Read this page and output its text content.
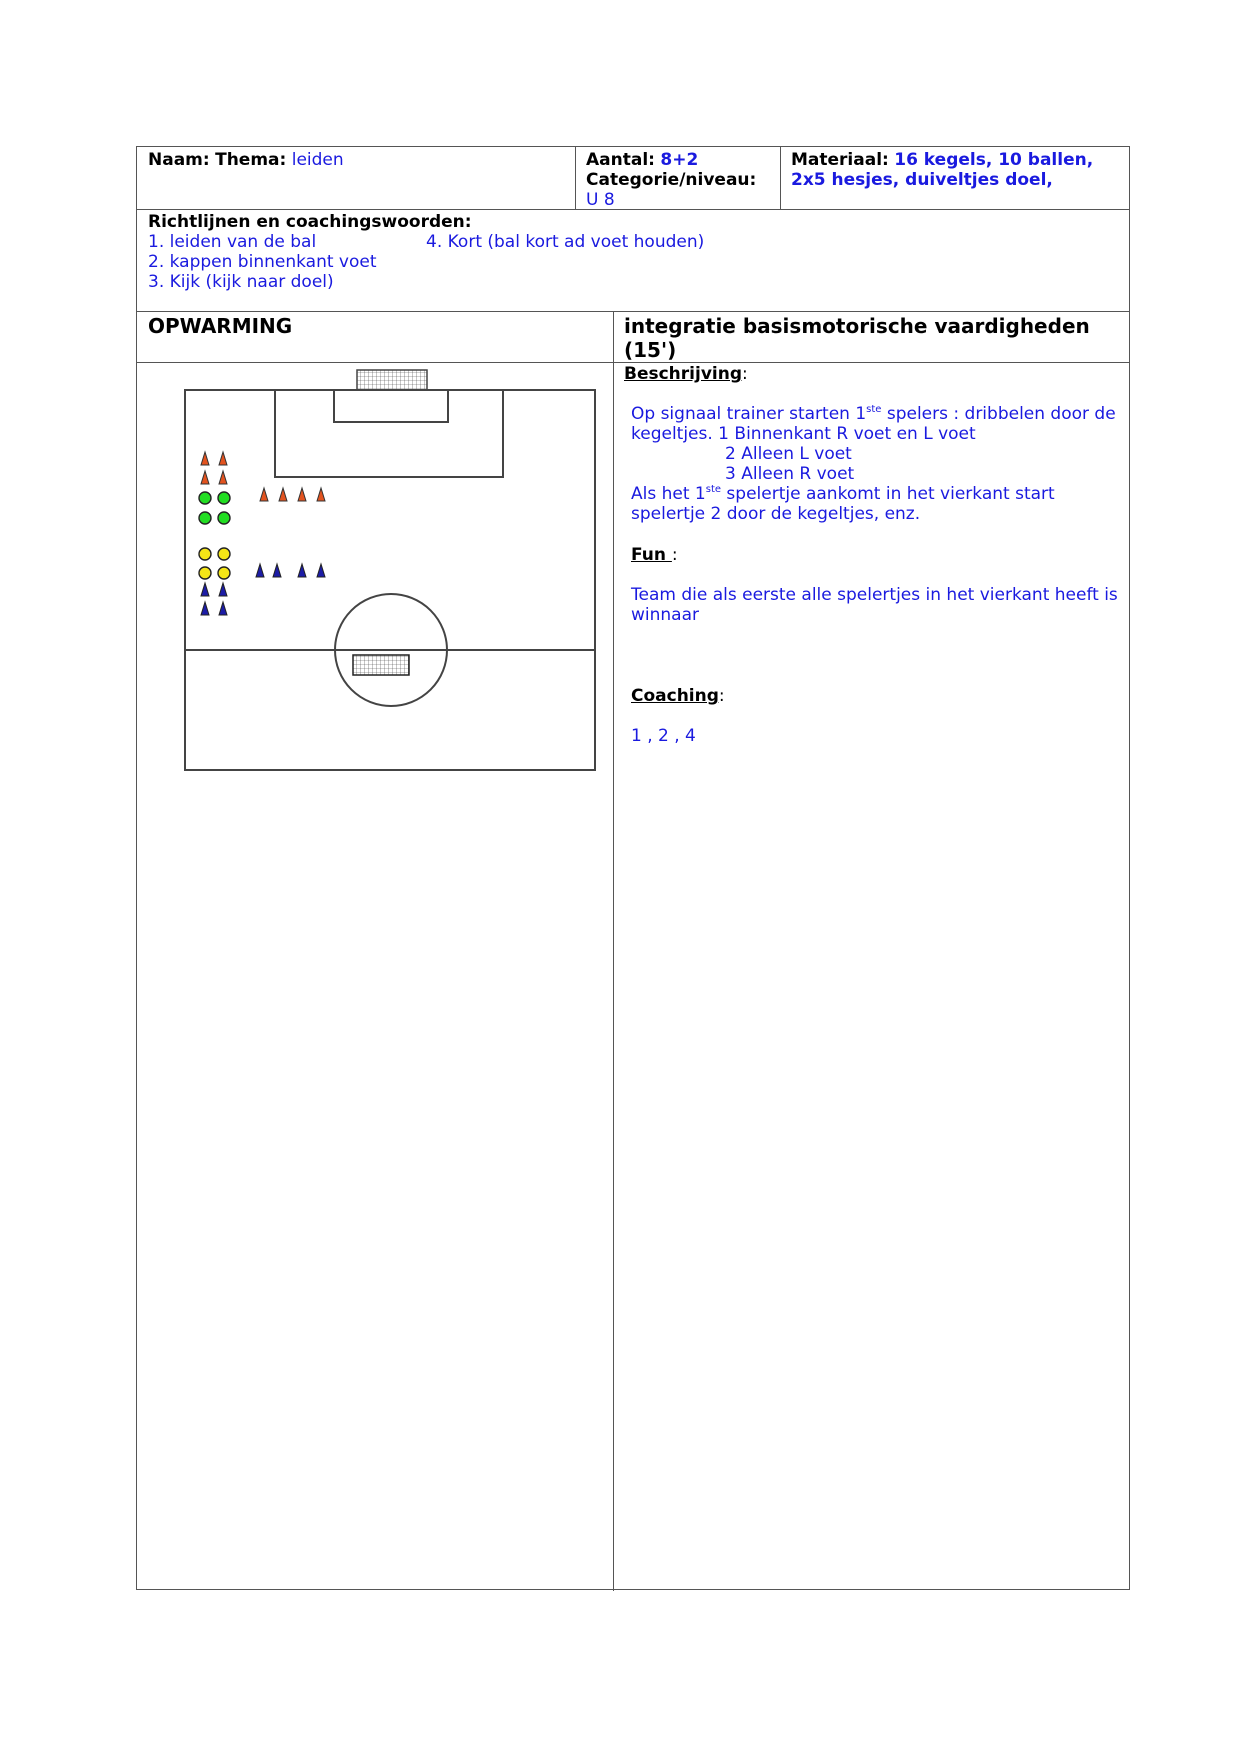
Naam: Thema: leiden	Aantal: 8+2
Categorie/niveau:
U 8
Materiaal: 16 kegels, 10 ballen,
2x5 hesjes, duiveltjes doel,
Richtlijnen en coachingswoorden:
1. leiden van de bal	4. Kort (bal kort ad voet houden)
2. kappen binnenkant voet
3. Kijk (kijk naar doel)
OPWARMING	integratie basismotorische vaardigheden (15')
Beschrijving:
Op signaal trainer starten 1ste spelers : dribbelen door de
kegeltjes. 1 Binnenkant R voet en L voet
2 Alleen L voet
3 Alleen R voet
Als het 1ste spelertje aankomt in het vierkant start
spelertje 2 door de kegeltjes, enz.
Fun :
Team die als eerste alle spelertjes in het vierkant heeft is
winnaar
Coaching:
1 , 2 , 4
